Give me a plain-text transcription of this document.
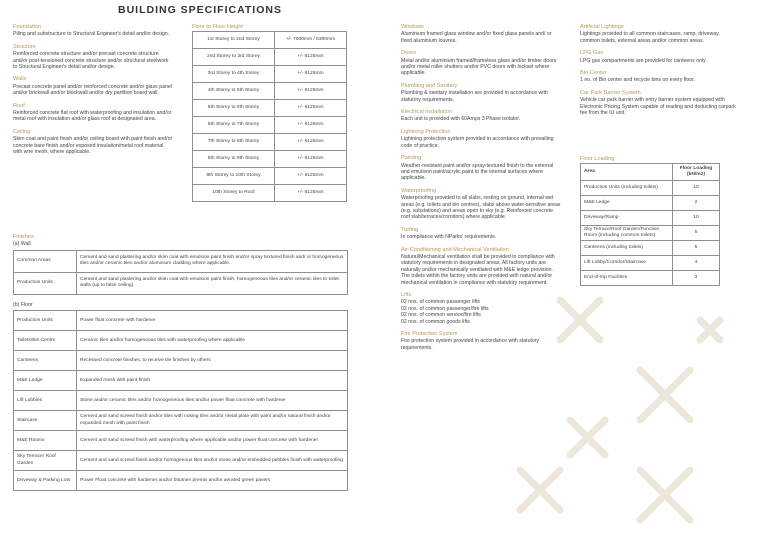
BUILDING SPECIFICATIONS
Foundation
Piling and substructure to Structural Engineer's detail and/or design.
Structure
Reinforced concrete structure and/or precast concrete structure and/or post-tensioned concrete structure and/or structural steelwork to Structural Engineer's detail and/or design.
Walls
Precast concrete panel and/or reinforced concrete and/or glass panel and/or brickwall and/or blockwall and/or dry partition board wall.
Roof
Reinforced concrete flat roof with waterproofing and insulation and/or metal roof with insulation and/or glass roof at designated area.
Ceiling
Skim coat and paint finish and/or ceiling board with paint finish and/or concrete bare finish and/or exposed insulation/metal roof material with wire mesh, where applicable.
Floor to Floor Height
1st Storey to 2nd Storey	+/- 7000mm / 6300mm
2nd Storey to 3rd Storey	+/- 6125mm
3rd Storey to 4th Storey	+/- 6125mm
4th Storey to 5th Storey	+/- 6125mm
5th Storey to 6th Storey	+/- 6125mm
6th Storey to 7th Storey	+/- 6125mm
7th Storey to 8th Storey	+/- 6125mm
8th Storey to 9th Storey	+/- 6125mm
9th Storey to 10th Storey	+/- 6125mm
10th Storey to Roof	+/- 6125mm
Finishes
(a) Wall
Common Areas	Cement and sand plastering and/or skim coat with emulsion paint finish and/or spray textured finish and/ or homogeneous tiles and/or ceramic tiles and/or aluminium cladding where applicable.
Production Units	Cement and sand plastering and/or skim coat with emulsion paint finish, homogeneous tiles and/or ceramic tiles to toilet walls (up to false ceiling).
(b) Floor
Production Units	Power float concrete with hardener
Toilets/Bin Centre	Ceramic tiles and/or homogeneous tiles with waterproofing where applicable
Canteens	Recessed concrete finishes, to receive tile finishes by others
M&E Ledge	Expanded mesh with paint finish
Lift Lobbies	Stone and/or ceramic tiles and/or homogeneous tiles and/or power float concrete with hardener
Staircase	Cement and sand screed finish and/or tiles with nosing tiles and/or metal plate with paint and/or natural finish and/or expanded mesh with paint finish
M&E Rooms	Cement and sand screed finish with waterproofing where applicable and/or power float concrete with hardener
Sky Terrace/ Roof Garden	Cement and sand screed finish and/or homogenous tiles and/or stone and/or embedded pebbles finish with waterproofing
Driveway & Parking Lots	Power Float concrete with hardener and/or bitumen premix and/or aerated green pavers
Windows
Aluminium framed glass window and/or fixed glass panels and/ or fixed aluminium louvres.
Doors
Metal and/or aluminium framed/frameless glass and/or timber doors and/or metal roller shutters and/or PVC doors with lockset where applicable.
Plumbing and Sanitary
Plumbing & sanitary installation are provided in accordance with statutory requirements.
Electrical Installation
Each unit is provided with 60Amps 3 Phase isolator.
Lightning Protection
Lightning protection system provided in accordance with prevailing code of practice.
Painting
Weather-resistant paint and/or spray-textured finish to the external and emulsion paint/acrylic paint to the internal surfaces where applicable.
Waterproofing
Waterproofing provided to all slabs, resting on ground, internal wet areas (e.g. toilets and bin centres), slabs above water-sensitive areas (e.g. substations) and areas open to sky (e.g. Reinforced concrete roof slab/terraces/corridors) where applicable.
Turfing
In compliance with NParks' requirements.
Air-Conditioning and Mechanical Ventilation
Natural/Mechanical ventilation shall be provided in compliance with statutory requirements in designated areas. All factory units are naturally and/or mechanically ventilated with M&E ledge provision. The toilets within the factory units are provided with natural and/or mechanical ventilation in compliance with statutory requirement.
Lifts
02 nos. of common passenger lifts
02 nos. of common passenger/fire lifts
02 nos. of common service/fire lifts
02 nos. of common goods lifts
Fire Protection System
Fire protection system provided in accordance with statutory requirements.
Artificial Lightings
Lightings provided to all common staircases, ramp, driveway, common toilets, external areas and/or common areas.
LPG Gas
LPG gas compartments are provided for canteens only.
Bin Center
1 no. of Bin center and recycle bins on every floor.
Car Park Barrier System
Vehicle car park barrier with entry barrier system equipped with Electronic Pricing System capable of reading and deducting carpark fee from the IU unit.
Floor Loading
Area	Floor Loading (kN/m2)
Production Units (including toilets)	10
M&E Ledge	2
Driveway/Ramp	10
Sky Terrace/Roof Garden/Function Room (including common toilets)	5
Canteens (including toilets)	5
Lift Lobby/Corridor/Staircase	4
End-of-trip Facilities	3
